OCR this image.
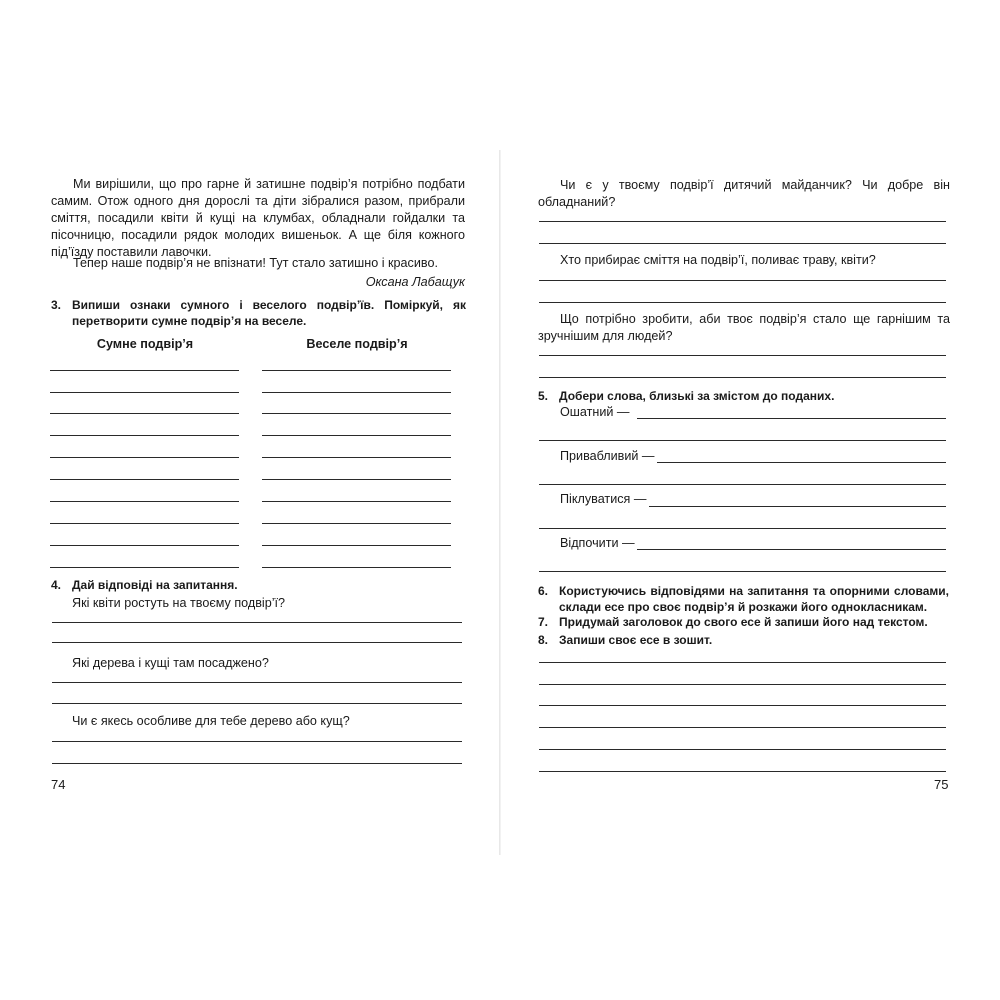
Ми вирішили, що про гарне й затишне подвір’я потрібно подбати самим. Отож одного дня дорослі та діти зібралися разом, прибрали сміття, посадили квіти й кущі на клумбах, обладнали гойдалки та пісочницю, посадили рядок молодих вишеньок. А ще біля кожного під’їзду поставили лавочки.

Тепер наше подвір’я не впізнати! Тут стало затишно і красиво.

Оксана Лабащук

3. Випиши ознаки сумного і веселого подвір’їв. Поміркуй, як перетворити сумне подвір’я на веселе.

Сумне подвір’я	Веселе подвір’я
4. Дай відповіді на запитання.

Які квіти ростуть на твоєму подвір’ї?

Які дерева і кущі там посаджено?

Чи є якесь особливе для тебе дерево або кущ?

74

Чи є у твоєму подвір’ї дитячий майданчик? Чи добре він обладнаний?

Хто прибирає сміття на подвір’ї, поливає траву, квіти?

Що потрібно зробити, аби твоє подвір’я стало ще гарнішим та зручнішим для людей?

5. Добери слова, близькі за змістом до поданих.

Ошатний —
Привабливий —
Піклуватися —
Відпочити —
6. Користуючись відповідями на запитання та опорними словами, склади есе про своє подвір’я й розкажи його однокласникам.

7. Придумай заголовок до свого есе й запиши його над текстом.

8. Запиши своє есе в зошит.

75
